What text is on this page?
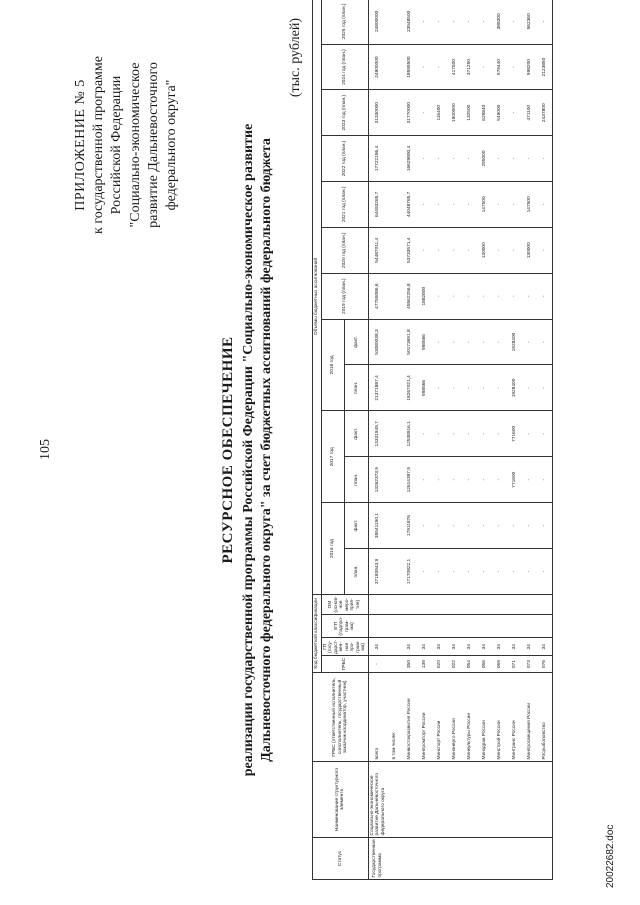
105
ПРИЛОЖЕНИЕ № 5 к государственной программе Российской Федерации "Социально-экономическое развитие Дальневосточного федерального округа"
РЕСУРСНОЕ ОБЕСПЕЧЕНИЕ реализации государственной программы Российской Федерации "Социально-экономическое развитие Дальневосточного федерального округа" за счет бюджетных ассигнований федерального бюджета
(тыс. рублей)
Статус	Наименование структурного элемента	ГРБС (ответственный исполнитель, соисполнитель, государственный заказчик-координатор, участник)	Код бюджетной классификации				Объемы бюджетных ассигнований												
			ГРБС	ГП (госу-дарст-вен-ная про-грам-ма)	пГП (подпро-грам-ма)	ОМ (основ-ное меро-прия-тие)	2016 год		2017 год		2018 год		2019 год (план.)	2020 год (план.)	2021 год (план.)	2022 год (план.)	2023 год (план.)	2024 год (план.)	2025 год (план.)
							план.	факт.	план.	факт.	план.	факт.							
Государственная программа	Социально-экономическое развитие Дальневосточного федерального округа	всего	-	34			37183943,9	35541190,1	13262373,9	13331949,7	21371887,4	53080038,3	47755086,6	54487011,4	64493265,7	17722186,4	31330000	24800000	24800000
		в том числе:																	
		Минвостокразвития России	350	34			17170822,1	17911876	12614397,9	12538916,1	18267021,4	50173691,8	45562256,8	53733571,4	44048765,7	16629800,4	31770000	18595500	23548500
		Минпромторг России	139	34			-	-	-	-	998566	998566	1882800	-	-	-	-	-	-
		Минспорт России	020	34			-	-	-	-	-	-	-	-	-	-	116400	-	-
		Минэнерго России	022	34			-	-	-	-	-	-	-	-	-	-	1900000	417500	-
		Минкультуры России	054	34			-	-	-	-	-	-	-	-	-	-	132500	371250	-
		Минздрав России	056	34			-	-	-	-	-	-	-	130000	147500	295000	629840	-	-
		Минстрой России	069	34			-	-	-	-	-	-	-	-	-	-	549000	579440	388300
		Минтранс России	071	34			-	-	771600	771600	1928400	1928400	-	-	-	-	-	-	-
		Минпросвещения России	073	34			-	-	-	-	-	-	-	130000	147500	-	471100	998200	562360
		Росрыболовство	076	34			-	-	-	-	-	-	-	-	-	-	2437800	2123850	-
20022682.doc
